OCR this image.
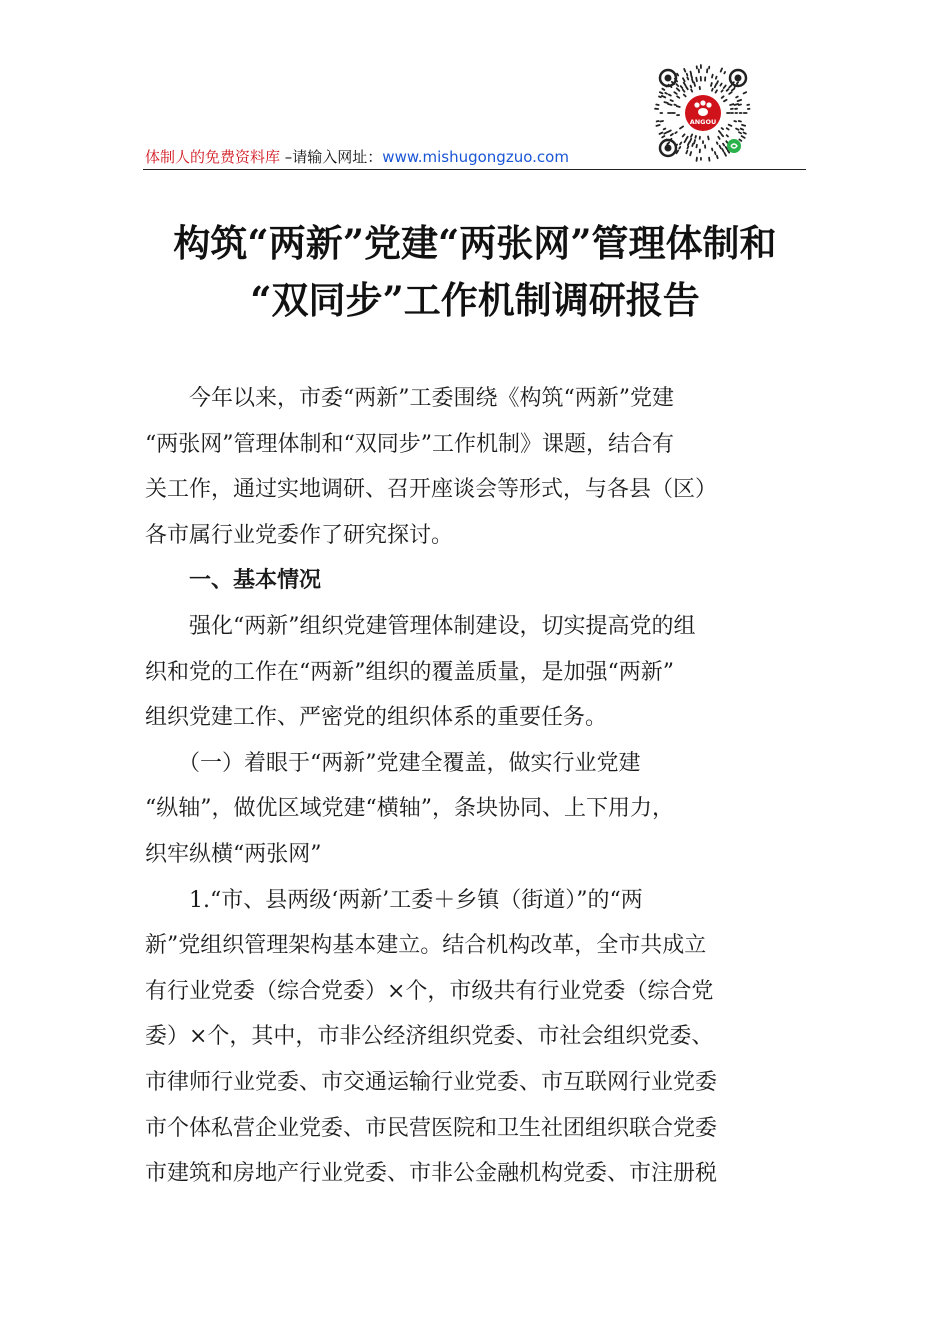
体制人的免费资料库 –请输入网址：www.mishugongzuo.com
ANGOU
构筑“两新”党建“两张网”管理体制和
“双同步”工作机制调研报告
　　今年以来，市委“两新”工委围绕《构筑“两新”党建
“两张网”管理体制和“双同步”工作机制》课题，结合有
关工作，通过实地调研、召开座谈会等形式，与各县（区）
各市属行业党委作了研究探讨。
　　一、基本情况
　　强化“两新”组织党建管理体制建设，切实提高党的组
织和党的工作在“两新”组织的覆盖质量，是加强“两新”
组织党建工作、严密党的组织体系的重要任务。
　　（一）着眼于“两新”党建全覆盖，做实行业党建
“纵轴”，做优区域党建“横轴”，条块协同、上下用力，
织牢纵横“两张网”
　　1.“市、县两级‘两新’工委＋乡镇（街道）”的“两
新”党组织管理架构基本建立。结合机构改革，全市共成立
有行业党委（综合党委）×个，市级共有行业党委（综合党
委）×个，其中，市非公经济组织党委、市社会组织党委、
市律师行业党委、市交通运输行业党委、市互联网行业党委
市个体私营企业党委、市民营医院和卫生社团组织联合党委
市建筑和房地产行业党委、市非公金融机构党委、市注册税
